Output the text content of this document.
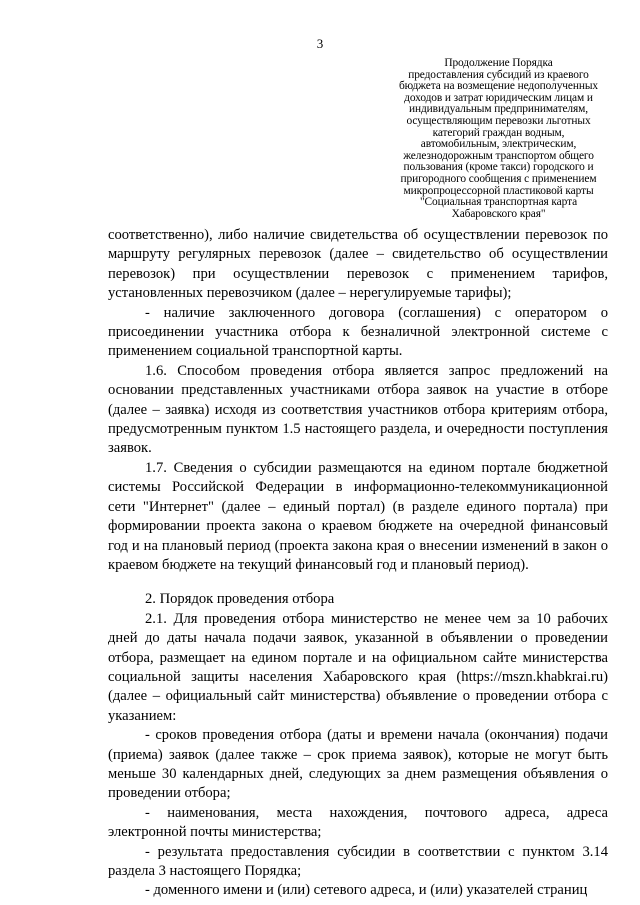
3
Продолжение Порядка
предоставления субсидий из краевого
бюджета на возмещение недополученных
доходов и затрат юридическим лицам и
индивидуальным предпринимателям,
осуществляющим перевозки льготных
категорий граждан водным,
автомобильным, электрическим,
железнодорожным транспортом общего
пользования (кроме такси) городского и
пригородного сообщения с применением
микропроцессорной пластиковой карты
"Социальная транспортная карта
Хабаровского края"

соответственно), либо наличие свидетельства об осуществлении перевозок по маршруту регулярных перевозок (далее – свидетельство об осуществлении перевозок) при осуществлении перевозок с применением тарифов, установленных перевозчиком (далее – нерегулируемые тарифы);

- наличие заключенного договора (соглашения) с оператором о присоединении участника отбора к безналичной электронной системе с применением социальной транспортной карты.

1.6. Способом проведения отбора является запрос предложений на основании представленных участниками отбора заявок на участие в отборе (далее – заявка) исходя из соответствия участников отбора критериям отбора, предусмотренным пунктом 1.5 настоящего раздела, и очередности поступления заявок.

1.7. Сведения о субсидии размещаются на едином портале бюджетной системы Российской Федерации в информационно-телекоммуникационной сети "Интернет" (далее – единый портал) (в разделе единого портала) при формировании проекта закона о краевом бюджете на очередной финансовый год и на плановый период (проекта закона края о внесении изменений в закон о краевом бюджете на текущий финансовый год и плановый период).

2. Порядок проведения отбора

2.1. Для проведения отбора министерство не менее чем за 10 рабочих дней до даты начала подачи заявок, указанной в объявлении о проведении отбора, размещает на едином портале и на официальном сайте министерства социальной защиты населения Хабаровского края (https://mszn.khabkrai.ru) (далее – официальный сайт министерства) объявление о проведении отбора с указанием:

- сроков проведения отбора (даты и времени начала (окончания) подачи (приема) заявок (далее также – срок приема заявок), которые не могут быть меньше 30 календарных дней, следующих за днем размещения объявления о проведении отбора;

- наименования, места нахождения, почтового адреса, адреса электронной почты министерства;

- результата предоставления субсидии в соответствии с пунктом 3.14 раздела 3 настоящего Порядка;

- доменного имени и (или) сетевого адреса, и (или) указателей страниц
